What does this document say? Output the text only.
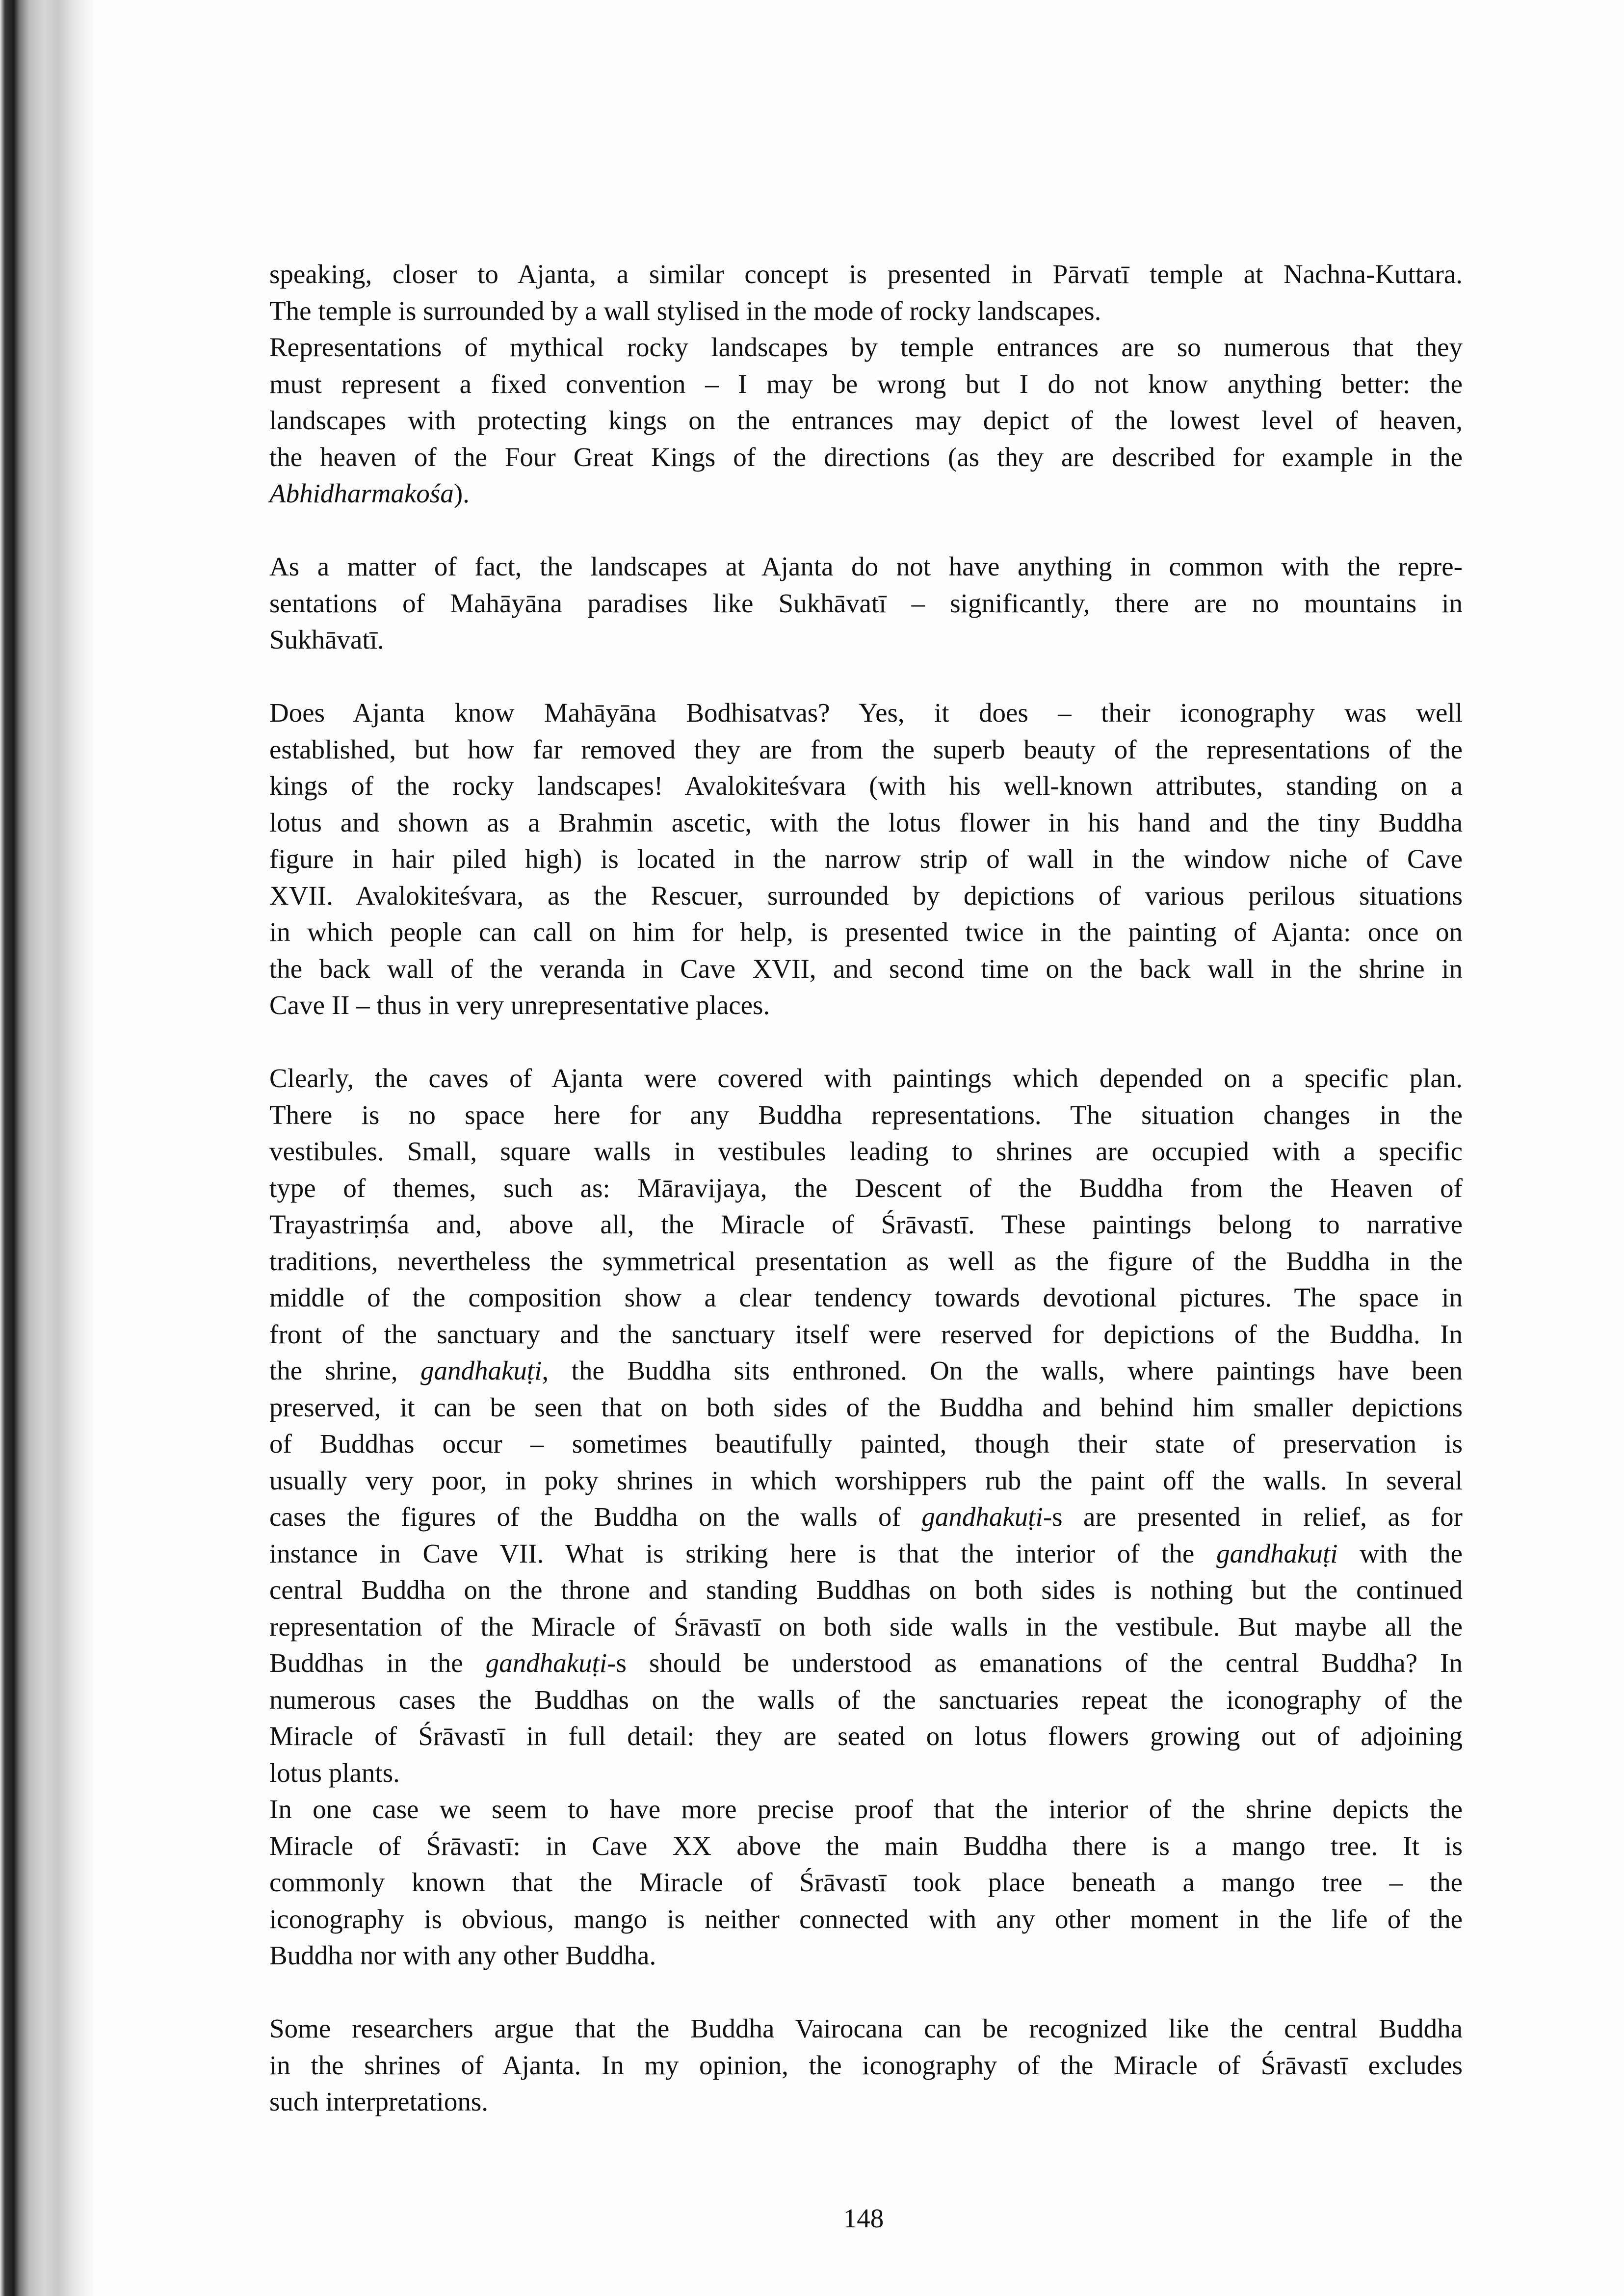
speaking, closer to Ajanta, a similar concept is presented in Pārvatī temple at Nachna-Kuttara.
The temple is surrounded by a wall stylised in the mode of rocky landscapes.
Representations of mythical rocky landscapes by temple entrances are so numerous that they
must represent a fixed convention – I may be wrong but I do not know anything better: the
landscapes with protecting kings on the entrances may depict of the lowest level of heaven,
the heaven of the Four Great Kings of the directions (as they are described for example in the
Abhidharmakośa).
As a matter of fact, the landscapes at Ajanta do not have anything in common with the repre-
sentations of Mahāyāna paradises like Sukhāvatī – significantly, there are no mountains in
Sukhāvatī.
Does Ajanta know Mahāyāna Bodhisatvas? Yes, it does – their iconography was well
established, but how far removed they are from the superb beauty of the representations of the
kings of the rocky landscapes! Avalokiteśvara (with his well-known attributes, standing on a
lotus and shown as a Brahmin ascetic, with the lotus flower in his hand and the tiny Buddha
figure in hair piled high) is located in the narrow strip of wall in the window niche of Cave
XVII. Avalokiteśvara, as the Rescuer, surrounded by depictions of various perilous situations
in which people can call on him for help, is presented twice in the painting of Ajanta: once on
the back wall of the veranda in Cave XVII, and second time on the back wall in the shrine in
Cave II – thus in very unrepresentative places.
Clearly, the caves of Ajanta were covered with paintings which depended on a specific plan.
There is no space here for any Buddha representations. The situation changes in the
vestibules. Small, square walls in vestibules leading to shrines are occupied with a specific
type of themes, such as: Māravijaya, the Descent of the Buddha from the Heaven of
Trayastriṃśa and, above all, the Miracle of Śrāvastī. These paintings belong to narrative
traditions, nevertheless the symmetrical presentation as well as the figure of the Buddha in the
middle of the composition show a clear tendency towards devotional pictures. The space in
front of the sanctuary and the sanctuary itself were reserved for depictions of the Buddha. In
the shrine, gandhakuṭi, the Buddha sits enthroned. On the walls, where paintings have been
preserved, it can be seen that on both sides of the Buddha and behind him smaller depictions
of Buddhas occur – sometimes beautifully painted, though their state of preservation is
usually very poor, in poky shrines in which worshippers rub the paint off the walls. In several
cases the figures of the Buddha on the walls of gandhakuṭi-s are presented in relief, as for
instance in Cave VII. What is striking here is that the interior of the gandhakuṭi with the
central Buddha on the throne and standing Buddhas on both sides is nothing but the continued
representation of the Miracle of Śrāvastī on both side walls in the vestibule. But maybe all the
Buddhas in the gandhakuṭi-s should be understood as emanations of the central Buddha? In
numerous cases the Buddhas on the walls of the sanctuaries repeat the iconography of the
Miracle of Śrāvastī in full detail: they are seated on lotus flowers growing out of adjoining
lotus plants.
In one case we seem to have more precise proof that the interior of the shrine depicts the
Miracle of Śrāvastī: in Cave XX above the main Buddha there is a mango tree. It is
commonly known that the Miracle of Śrāvastī took place beneath a mango tree – the
iconography is obvious, mango is neither connected with any other moment in the life of the
Buddha nor with any other Buddha.
Some researchers argue that the Buddha Vairocana can be recognized like the central Buddha
in the shrines of Ajanta. In my opinion, the iconography of the Miracle of Śrāvastī excludes
such interpretations.
148
